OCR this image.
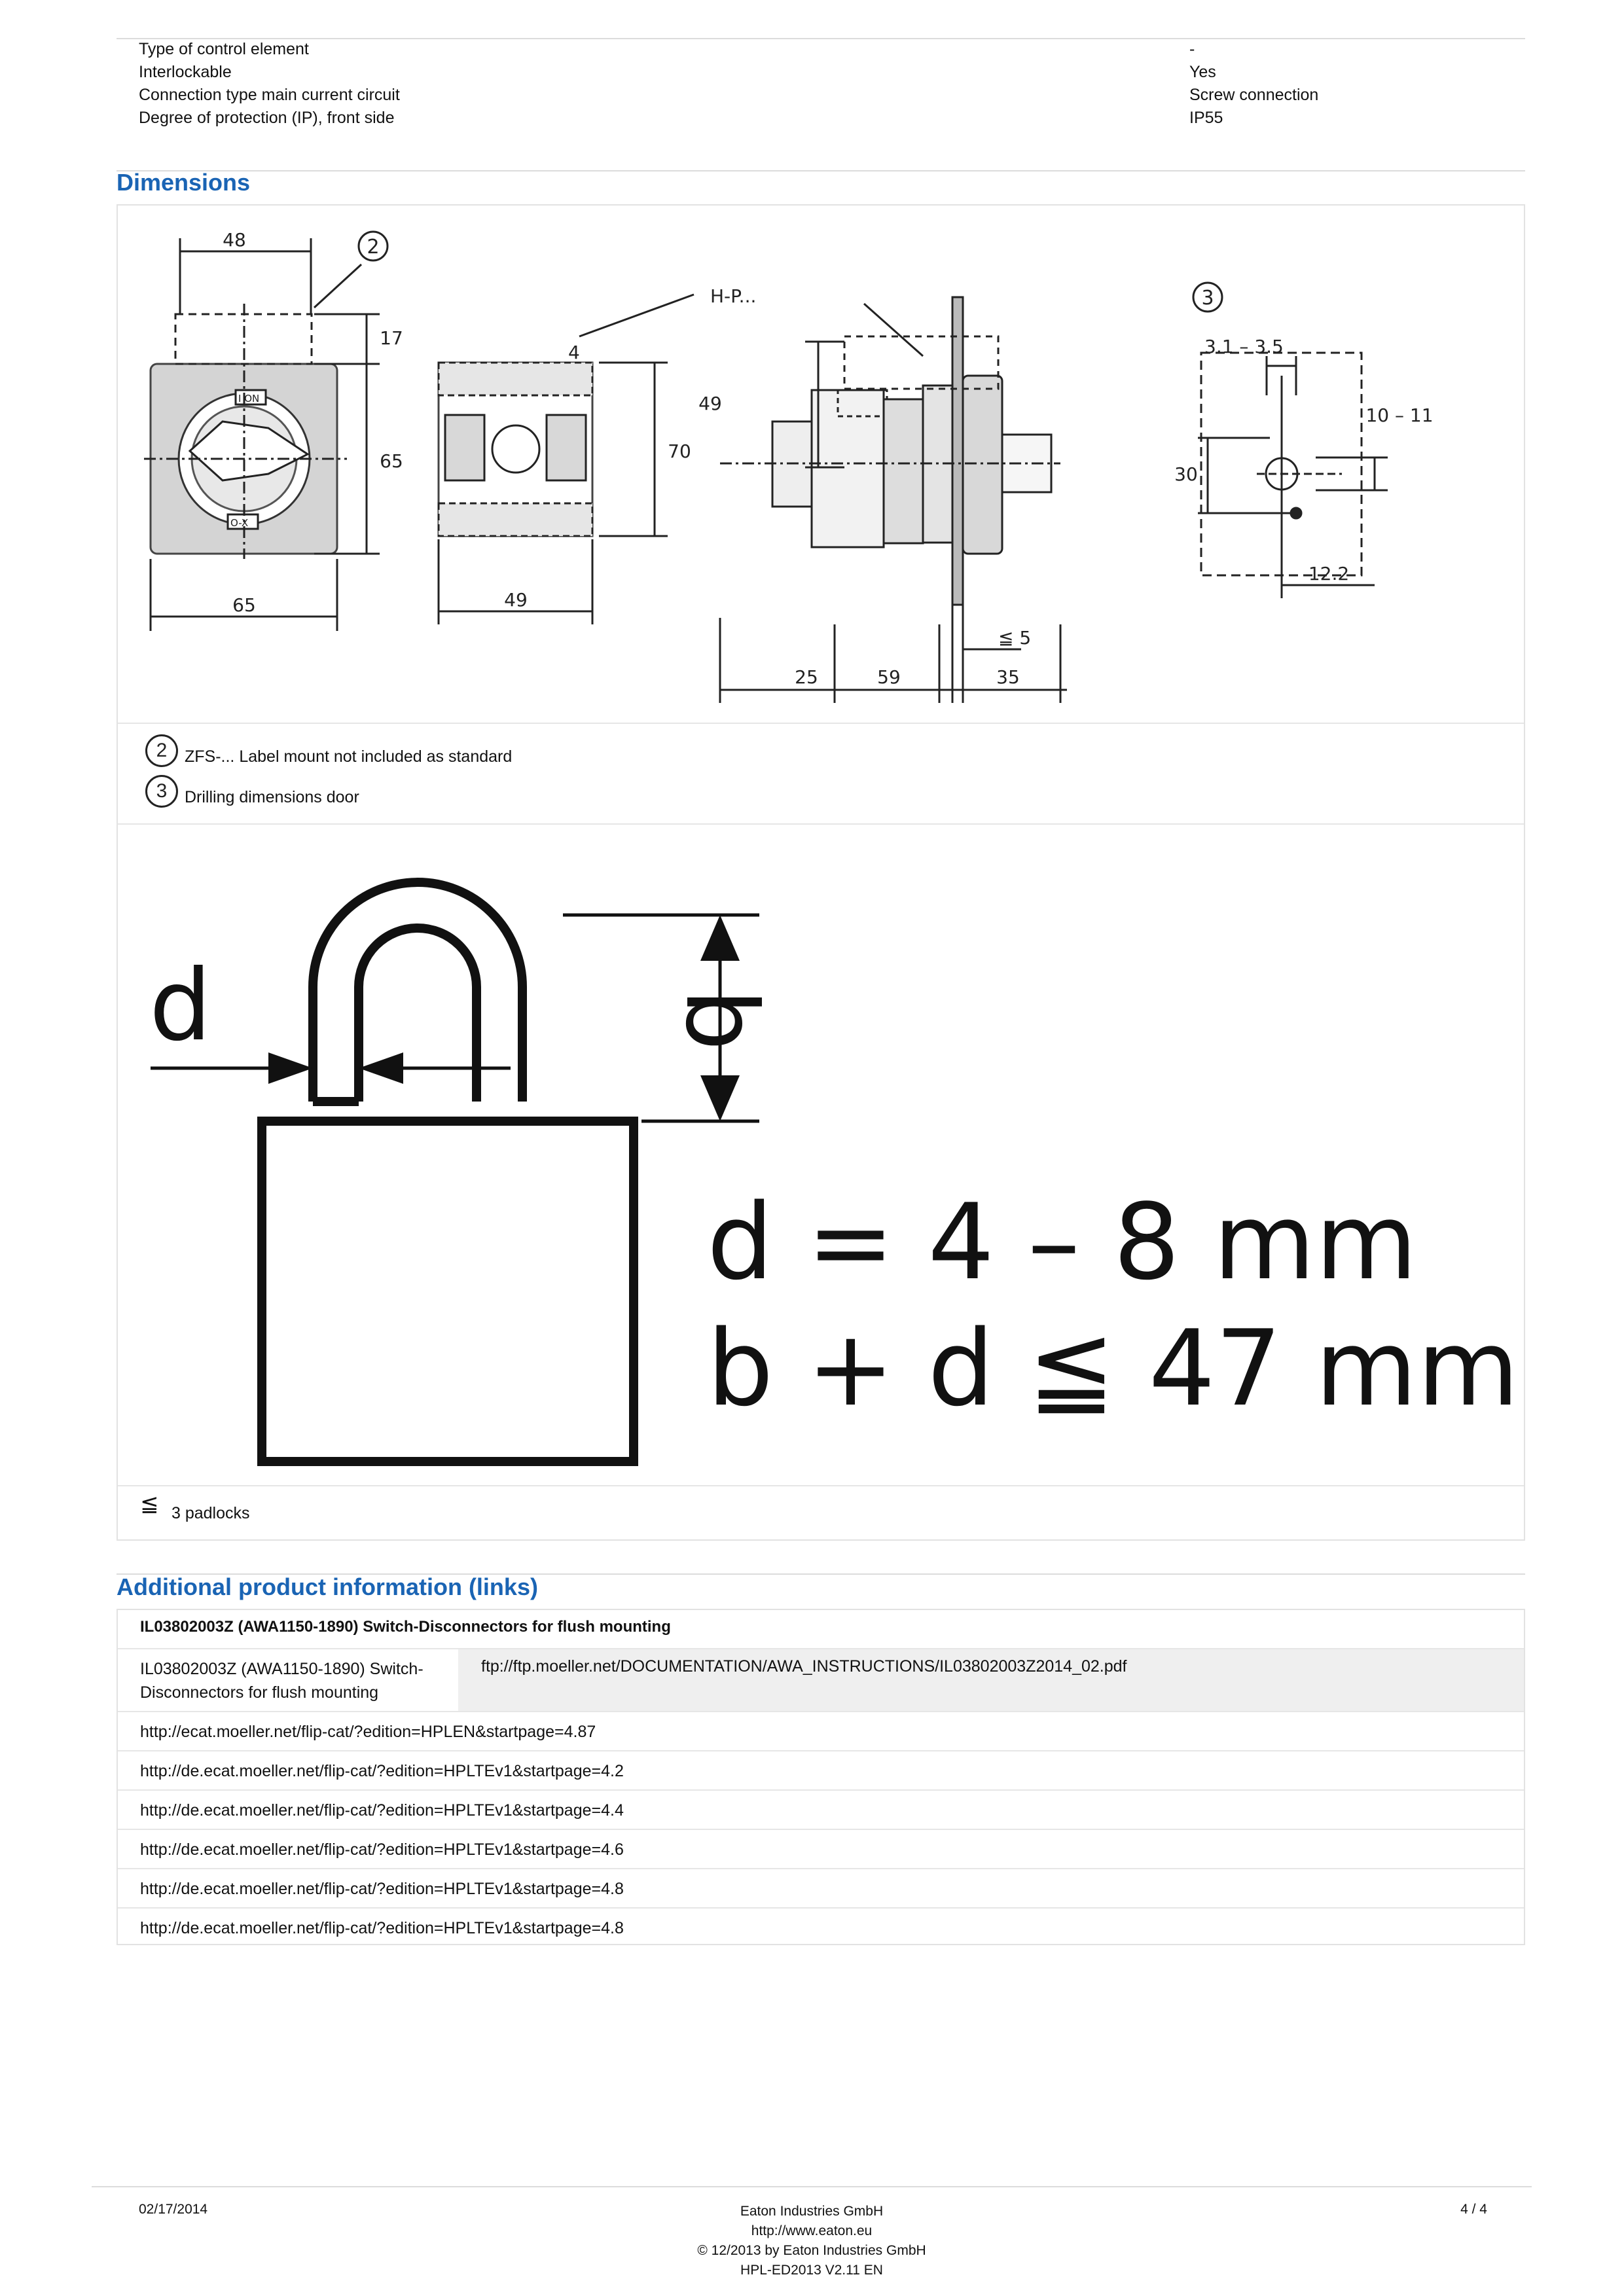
Type of control element	-
Interlockable	Yes
Connection type main current circuit	Screw connection
Degree of protection (IP), front side	IP55
Dimensions
48
65
17
65
49
70
49
H-P...
4
25	59	35
≦ 5
3.1 – 3.5
10 – 11
30
12.2
I ON
O-X
2
3
2	ZFS-... Label mount not included as standard
3	Drilling dimensions door
d	b
d = 4 – 8 mm
b + d ≦ 47 mm
≦ 3 padlocks
Additional product information (links)
IL03802003Z (AWA1150-1890) Switch-Disconnectors for flush mounting
IL03802003Z (AWA1150-1890) Switch-
Disconnectors for flush mounting
ftp://ftp.moeller.net/DOCUMENTATION/AWA_INSTRUCTIONS/IL03802003Z2014_02.pdf
http://ecat.moeller.net/flip-cat/?edition=HPLEN&startpage=4.87
http://de.ecat.moeller.net/flip-cat/?edition=HPLTEv1&startpage=4.2
http://de.ecat.moeller.net/flip-cat/?edition=HPLTEv1&startpage=4.4
http://de.ecat.moeller.net/flip-cat/?edition=HPLTEv1&startpage=4.6
http://de.ecat.moeller.net/flip-cat/?edition=HPLTEv1&startpage=4.8
http://de.ecat.moeller.net/flip-cat/?edition=HPLTEv1&startpage=4.8
02/17/2014	Eaton Industries GmbH
http://www.eaton.eu
© 12/2013 by Eaton Industries GmbH
HPL-ED2013 V2.11 EN
4 / 4
